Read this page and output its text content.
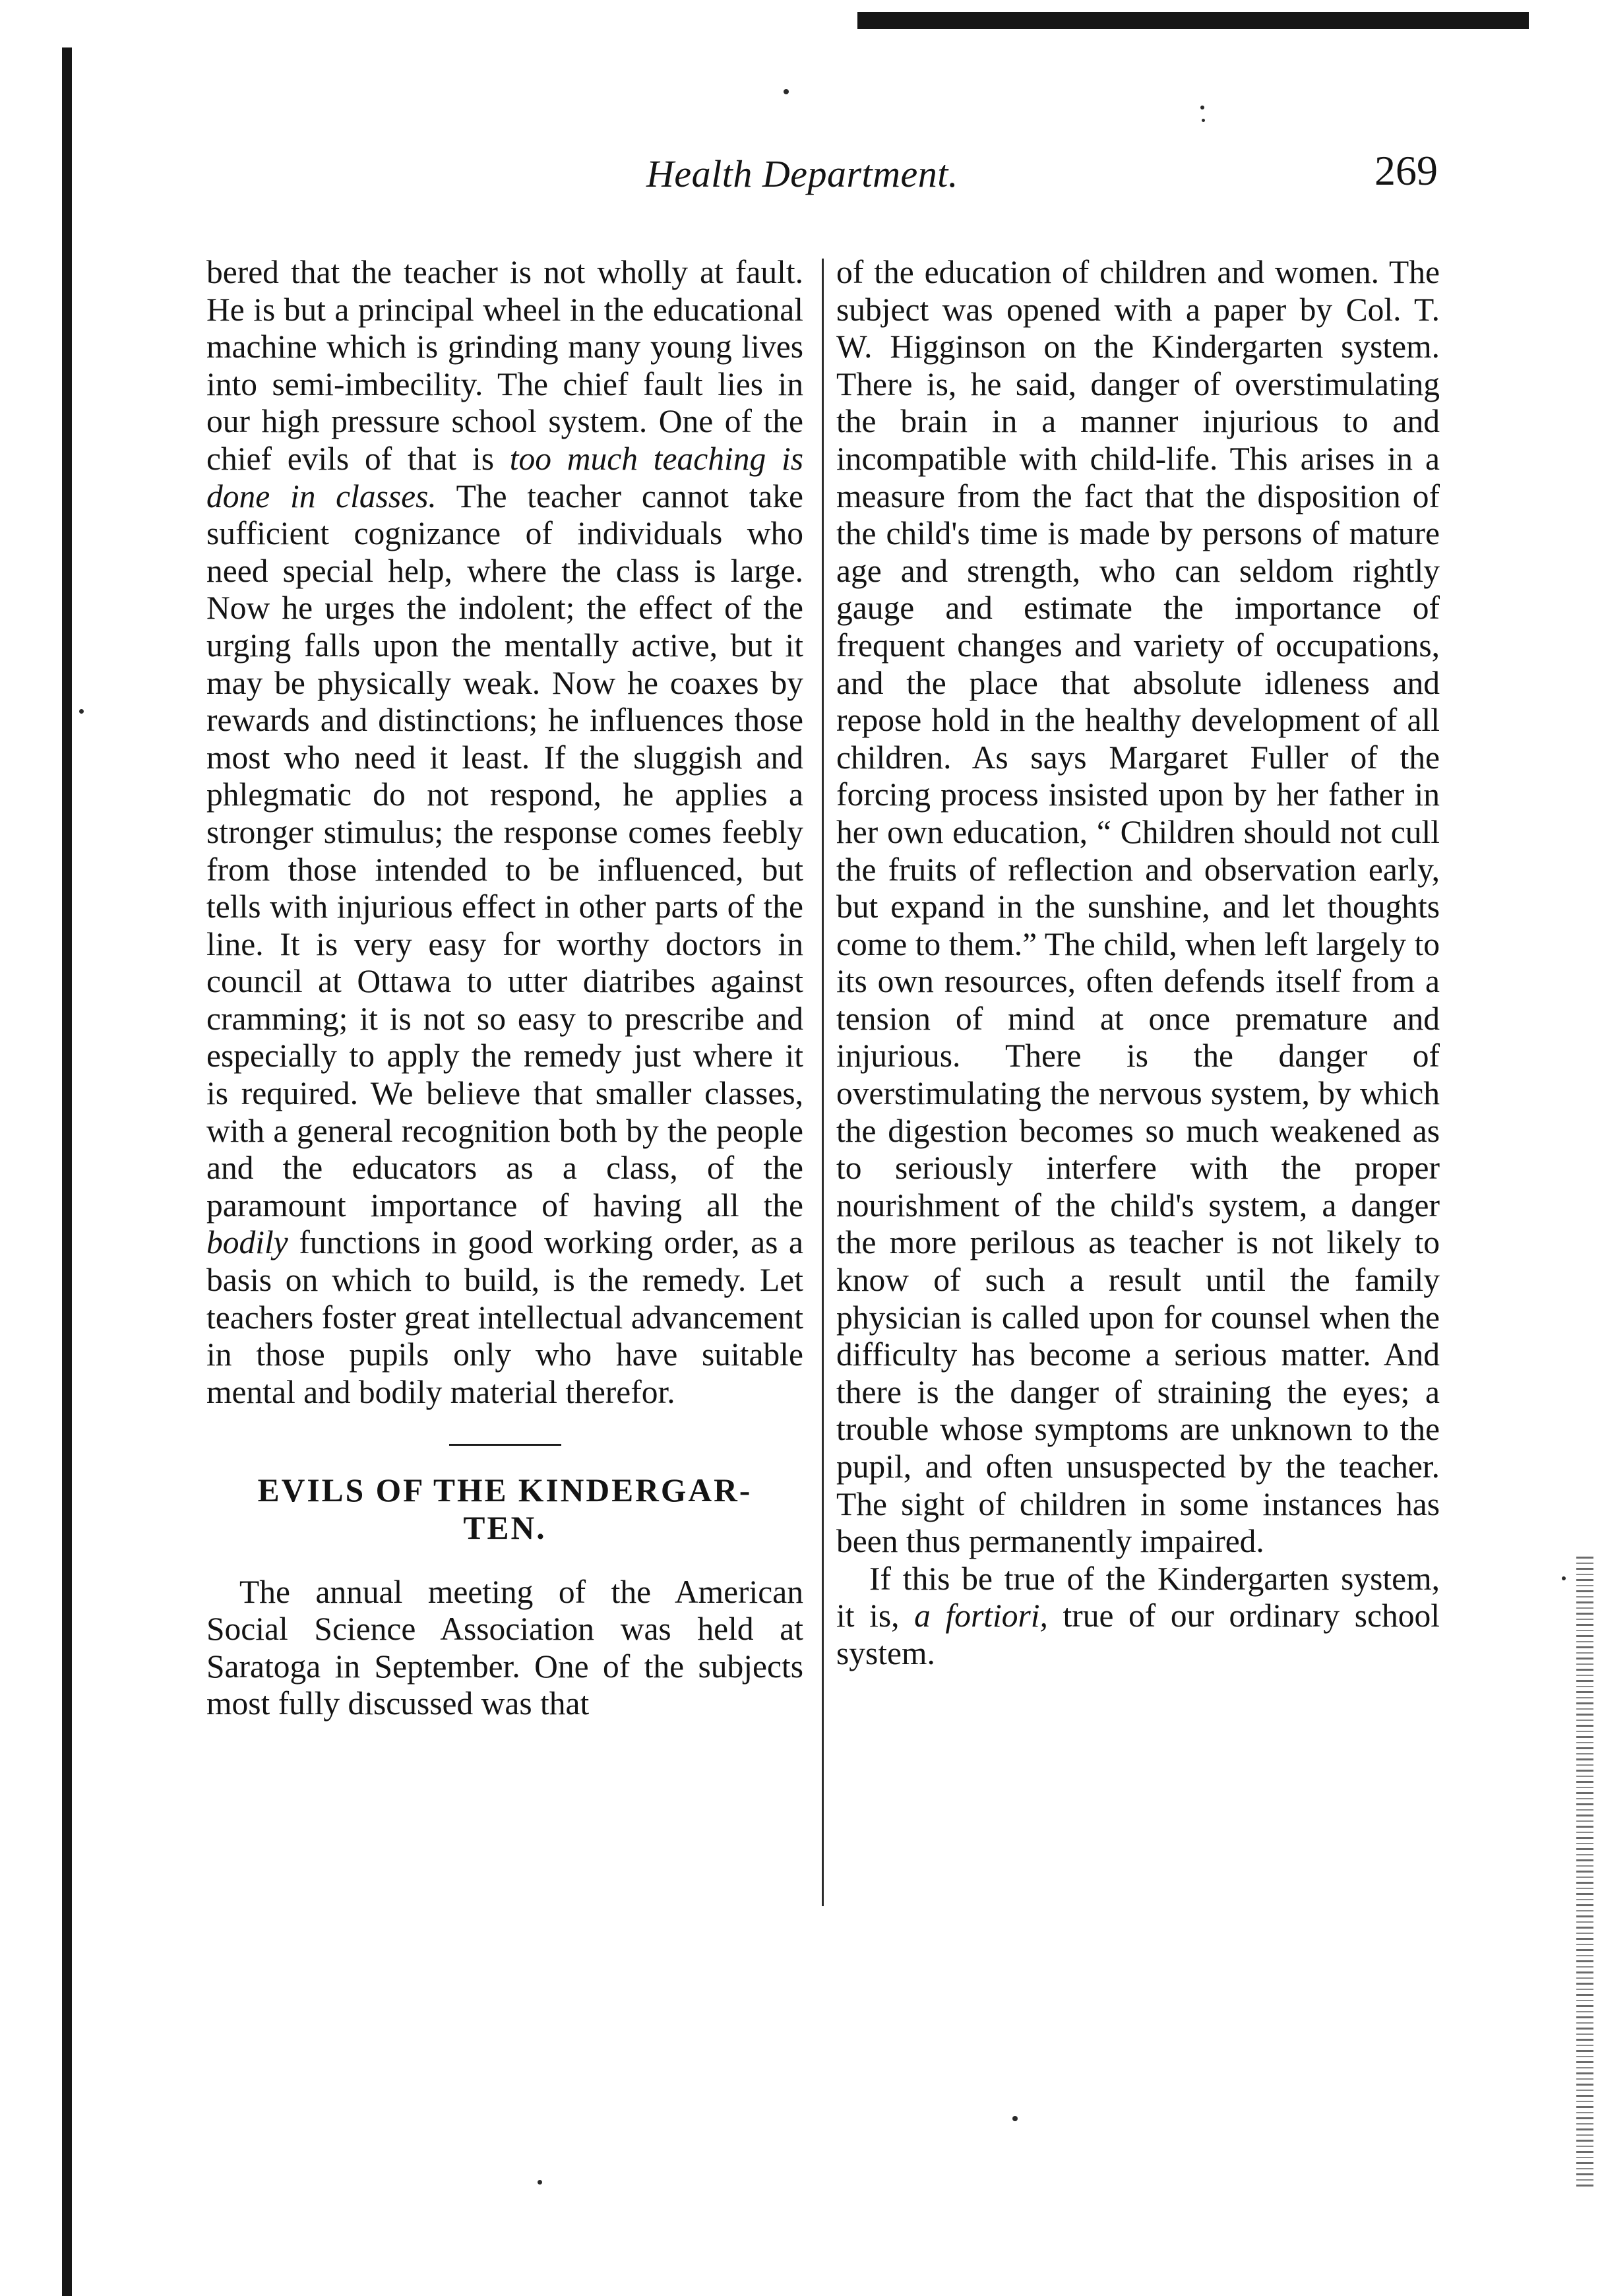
Health Department.	269

bered that the teacher is not wholly at fault. He is but a principal wheel in the educational machine which is grinding many young lives into semi-imbecility. The chief fault lies in our high pressure school system. One of the chief evils of that is too much teaching is done in classes. The teacher cannot take sufficient cognizance of individuals who need special help, where the class is large. Now he urges the indolent; the effect of the urging falls upon the mentally active, but it may be physically weak. Now he coaxes by rewards and distinctions; he influences those most who need it least. If the sluggish and phlegmatic do not respond, he applies a stronger stimulus; the response comes feebly from those intended to be influenced, but tells with injurious effect in other parts of the line. It is very easy for worthy doctors in council at Ottawa to utter diatribes against cramming; it is not so easy to prescribe and especially to apply the remedy just where it is required. We believe that smaller classes, with a general recognition both by the people and the educators as a class, of the paramount importance of having all the bodily functions in good working order, as a basis on which to build, is the remedy. Let teachers foster great intellectual advancement in those pupils only who have suitable mental and bodily material therefor.

EVILS OF THE KINDERGAR-
TEN.

The annual meeting of the American Social Science Association was held at Saratoga in September. One of the subjects most fully discussed was that

of the education of children and women. The subject was opened with a paper by Col. T. W. Higginson on the Kindergarten system. There is, he said, danger of overstimulating the brain in a manner injurious to and incompatible with child-life. This arises in a measure from the fact that the disposition of the child's time is made by persons of mature age and strength, who can seldom rightly gauge and estimate the importance of frequent changes and variety of occupations, and the place that absolute idleness and repose hold in the healthy development of all children. As says Margaret Fuller of the forcing process insisted upon by her father in her own education, “ Children should not cull the fruits of reflection and observation early, but expand in the sunshine, and let thoughts come to them.” The child, when left largely to its own resources, often defends itself from a tension of mind at once premature and injurious. There is the danger of overstimulating the nervous system, by which the digestion becomes so much weakened as to seriously interfere with the proper nourishment of the child's system, a danger the more perilous as teacher is not likely to know of such a result until the family physician is called upon for counsel when the difficulty has become a serious matter. And there is the danger of straining the eyes; a trouble whose symptoms are unknown to the pupil, and often unsuspected by the teacher. The sight of children in some instances has been thus permanently impaired.

If this be true of the Kindergarten system, it is, a fortiori, true of our ordinary school system.
